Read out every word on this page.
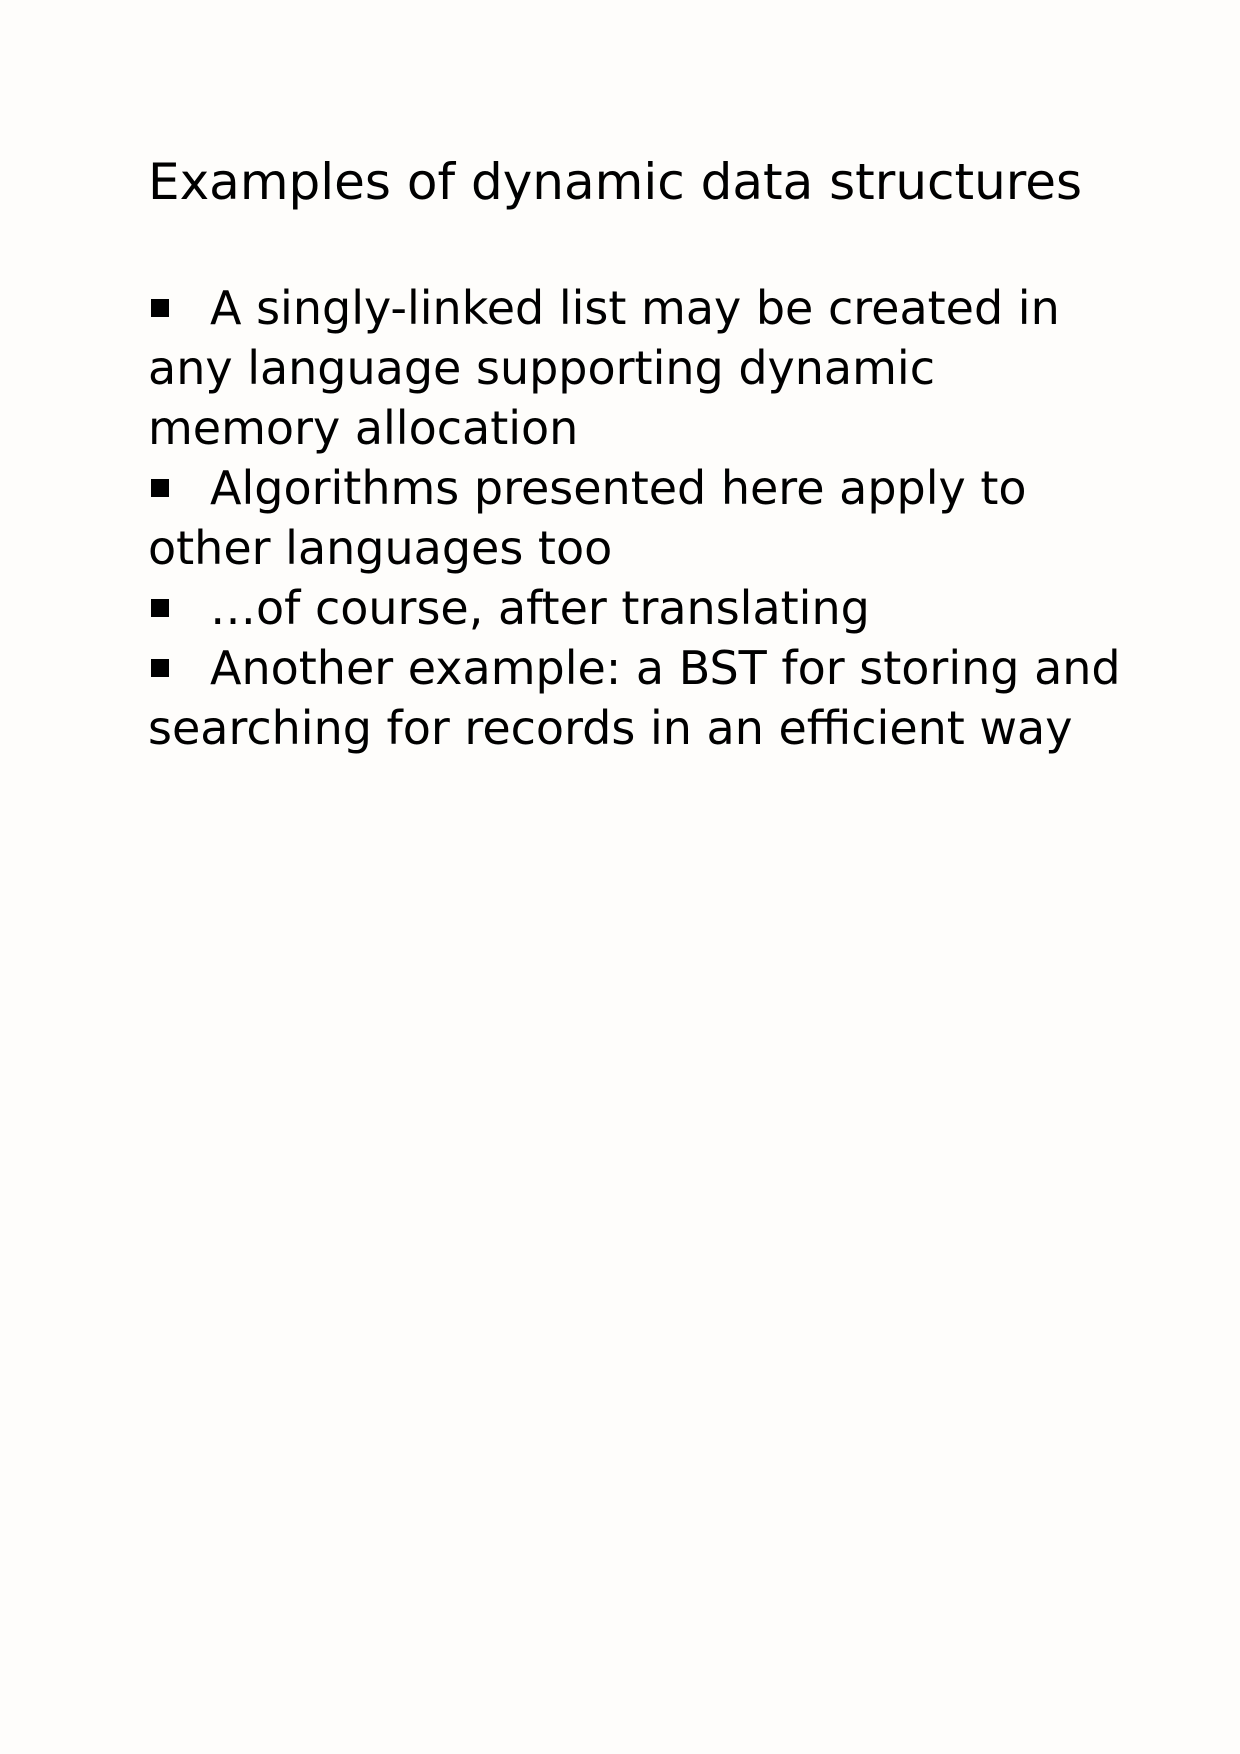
Examples of dynamic data structures
A singly-linked list may be created in any language supporting dynamic memory allocation
Algorithms presented here apply to other languages too
…of course, after translating
Another example: a BST for storing and searching for records in an efficient way
